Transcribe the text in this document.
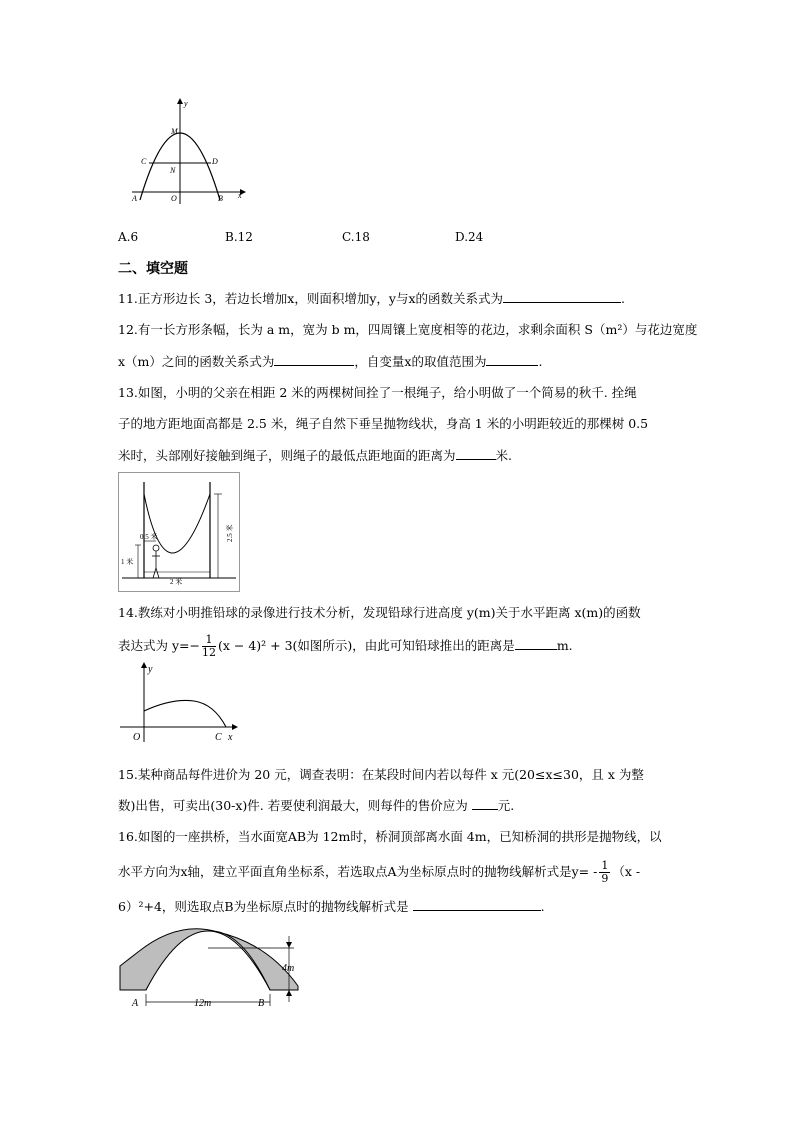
y
M
C	D
N
A	O	B x
A.6	B.12	C.18	D.24
二、填空题
11.正方形边长 3，若边长增加x，则面积增加y，y与x的函数关系式为	.
12.有一长方形条幅，长为 a m，宽为 b m，四周镶上宽度相等的花边，求剩余面积 S（m²）与花边宽度
x（m）之间的函数关系式为	，自变量x的取值范围为	.
13.如图，小明的父亲在相距 2 米的两棵树间拴了一根绳子，给小明做了一个简易的秋千. 拴绳
子的地方距地面高都是 2.5 米，绳子自然下垂呈抛物线状，身高 1 米的小明距较近的那棵树 0.5
米时，头部刚好接触到绳子，则绳子的最低点距地面的距离为	米.
0.5 米
1 米
2.5 米
2 米
14.教练对小明推铅球的录像进行技术分析，发现铅球行进高度 y(m)关于水平距离 x(m)的函数
表达式为 $y=- \frac{1}{12} (x - 4)^2 + 3$(如图所示)，由此可知铅球推出的距离是	m.
y
O	C x
15.某种商品每件进价为 20 元，调查表明：在某段时间内若以每件 x 元(20≤x≤30，且 x 为整
数)出售，可卖出(30-x)件. 若要使利润最大，则每件的售价应为 元.
16.如图的一座拱桥，当水面宽AB为 12m时，桥洞顶部离水面 4m，已知桥洞的拱形是抛物线，以
水平方向为x轴，建立平面直角坐标系，若选取点A为坐标原点时的抛物线解析式是$y= - \frac{1}{9} (x$ -
6）²+4，则选取点B为坐标原点时的抛物线解析式是	.
4m
12m
A	B
